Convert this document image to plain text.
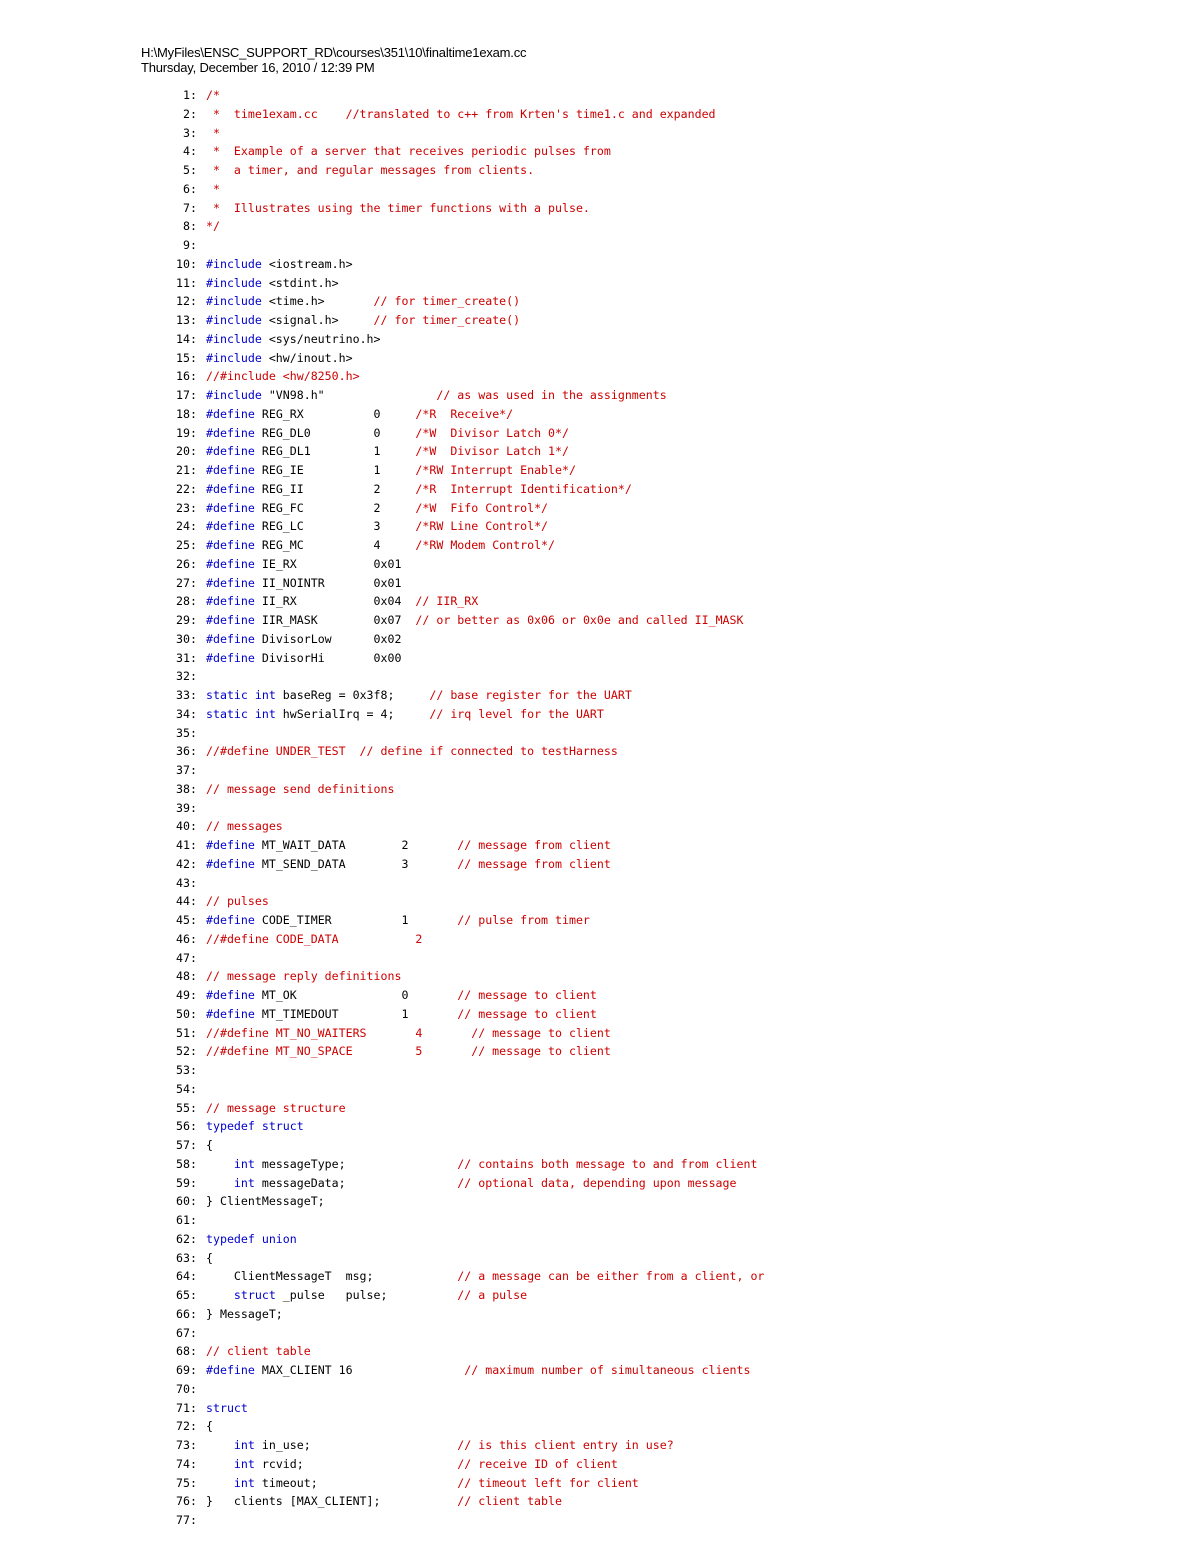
H:\MyFiles\ENSC_SUPPORT_RD\courses\351\10\finaltime1exam.cc
Thursday, December 16, 2010 / 12:39 PM
1: /*
2: *  time1exam.cc    //translated to c++ from Krten's time1.c and expanded
3: *
4: *  Example of a server that receives periodic pulses from
5: *  a timer, and regular messages from clients.
6: *
7: *  Illustrates using the timer functions with a pulse.
8: */
9:
10: #include <iostream.h>
11: #include <stdint.h>
12: #include <time.h>       // for timer_create()
13: #include <signal.h>     // for timer_create()
14: #include <sys/neutrino.h>
15: #include <hw/inout.h>
16: //#include <hw/8250.h>
17: #include "VN98.h"                // as was used in the assignments
18: #define REG_RX          0     /*R  Receive*/
19: #define REG_DL0         0     /*W  Divisor Latch 0*/
20: #define REG_DL1         1     /*W  Divisor Latch 1*/
21: #define REG_IE          1     /*RW Interrupt Enable*/
22: #define REG_II          2     /*R  Interrupt Identification*/
23: #define REG_FC          2     /*W  Fifo Control*/
24: #define REG_LC          3     /*RW Line Control*/
25: #define REG_MC          4     /*RW Modem Control*/
26: #define IE_RX           0x01
27: #define II_NOINTR       0x01
28: #define II_RX           0x04  // IIR_RX
29: #define IIR_MASK        0x07  // or better as 0x06 or 0x0e and called II_MASK
30: #define DivisorLow      0x02
31: #define DivisorHi       0x00
32:
33: static int baseReg = 0x3f8;     // base register for the UART
34: static int hwSerialIrq = 4;     // irq level for the UART
35:
36: //#define UNDER_TEST  // define if connected to testHarness
37:
38: // message send definitions
39:
40: // messages
41: #define MT_WAIT_DATA        2       // message from client
42: #define MT_SEND_DATA        3       // message from client
43:
44: // pulses
45: #define CODE_TIMER          1       // pulse from timer
46: //#define CODE_DATA           2
47:
48: // message reply definitions
49: #define MT_OK               0       // message to client
50: #define MT_TIMEDOUT         1       // message to client
51: //#define MT_NO_WAITERS       4       // message to client
52: //#define MT_NO_SPACE         5       // message to client
53:
54:
55: // message structure
56: typedef struct
57: {
58: int messageType;                // contains both message to and from client
59: int messageData;                // optional data, depending upon message
60: } ClientMessageT;
61:
62: typedef union
63: {
64: ClientMessageT  msg;            // a message can be either from a client, or
65: struct _pulse   pulse;          // a pulse
66: } MessageT;
67:
68: // client table
69: #define MAX_CLIENT 16                // maximum number of simultaneous clients
70:
71: struct
72: {
73: int in_use;                     // is this client entry in use?
74: int rcvid;                      // receive ID of client
75: int timeout;                    // timeout left for client
76: }   clients [MAX_CLIENT];           // client table
77:
